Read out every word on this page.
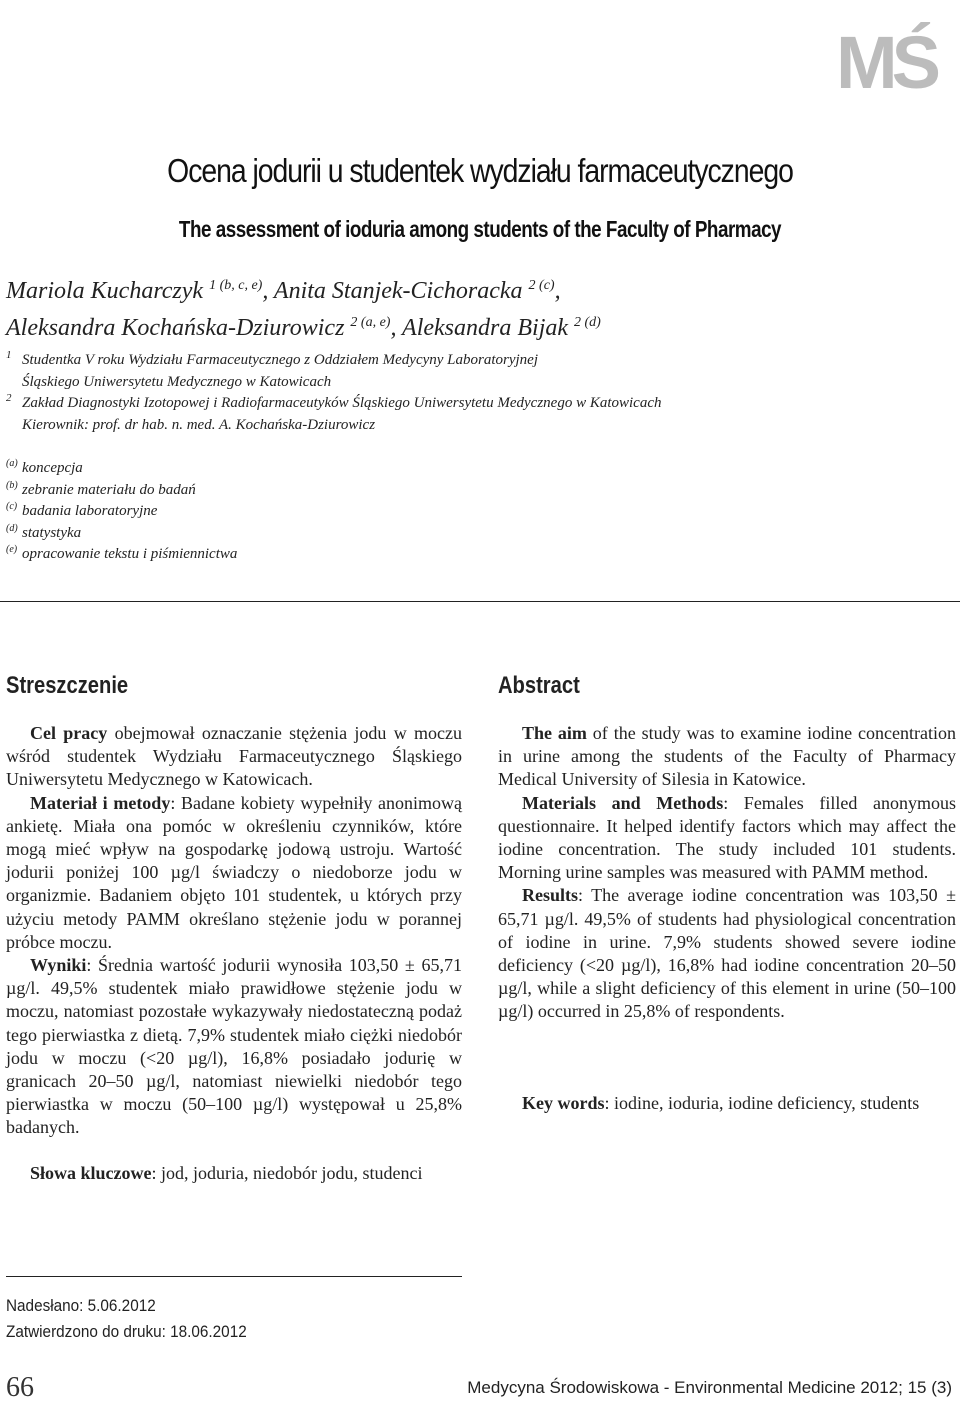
MŚ
Ocena jodurii u studentek wydziału farmaceutycznego
The assessment of ioduria among students of the Faculty of Pharmacy
Mariola Kucharczyk $^{1 (b, c, e)}$, Anita Stanjek-Cichoracka $^{2 (c)}$,
Aleksandra Kochańska-Dziurowicz $^{2 (a, e)}$, Aleksandra Bijak $^{2 (d)}$
1 Studentka V roku Wydziału Farmaceutycznego z Oddziałem Medycyny Laboratoryjnej
Śląskiego Uniwersytetu Medycznego w Katowicach
2 Zakład Diagnostyki Izotopowej i Radiofarmaceutyków Śląskiego Uniwersytetu Medycznego w Katowicach
Kierownik: prof. dr hab. n. med. A. Kochańska-Dziurowicz
(a) koncepcja
(b) zebranie materiału do badań
(c) badania laboratoryjne
(d) statystyka
(e) opracowanie tekstu i piśmiennictwa
Streszczenie	Abstract

Cel pracy obejmował oznaczanie stężenia jodu w moczu wśród studentek Wydziału Farmaceutycznego Śląskiego Uniwersytetu Medycznego w Katowicach.

Materiał i metody: Badane kobiety wypełniły anonimową ankietę. Miała ona pomóc w określeniu czynników, które mogą mieć wpływ na gospodarkę jodową ustroju. Wartość jodurii poniżej 100 µg/l świadczy o niedoborze jodu w organizmie. Badaniem objęto 101 studentek, u których przy użyciu metody PAMM określano stężenie jodu w porannej próbce moczu.

Wyniki: Średnia wartość jodurii wynosiła 103,50 ± 65,71 µg/l. 49,5% studentek miało prawidłowe stężenie jodu w moczu, natomiast pozostałe wykazywały niedostateczną podaż tego pierwiastka z dietą. 7,9% studentek miało ciężki niedobór jodu w moczu (<20 µg/l), 16,8% posiadało jodurię w granicach 20–50 µg/l, natomiast niewielki niedobór tego pierwiastka w moczu (50–100 µg/l) występował u 25,8% badanych.

Słowa kluczowe: jod, joduria, niedobór jodu, studenci

The aim of the study was to examine iodine concentration in urine among the students of the Faculty of Pharmacy Medical University of Silesia in Katowice.

Materials and Methods: Females filled anonymous questionnaire. It helped identify factors which may affect the iodine concentration. The study included 101 students. Morning urine samples was measured with PAMM method.

Results: The average iodine concentration was 103,50 ± 65,71 µg/l. 49,5% of students had physiological concentration of iodine in urine. 7,9% students showed severe iodine deficiency (<20 µg/l), 16,8% had iodine concentration 20–50 µg/l, while a slight deficiency of this element in urine (50–100 µg/l) occurred in 25,8% of respondents.

Key words: iodine, ioduria, iodine deficiency, students

Nadesłano: 5.06.2012
Zatwierdzono do druku: 18.06.2012
66	Medycyna Środowiskowa - Environmental Medicine 2012; 15 (3)
